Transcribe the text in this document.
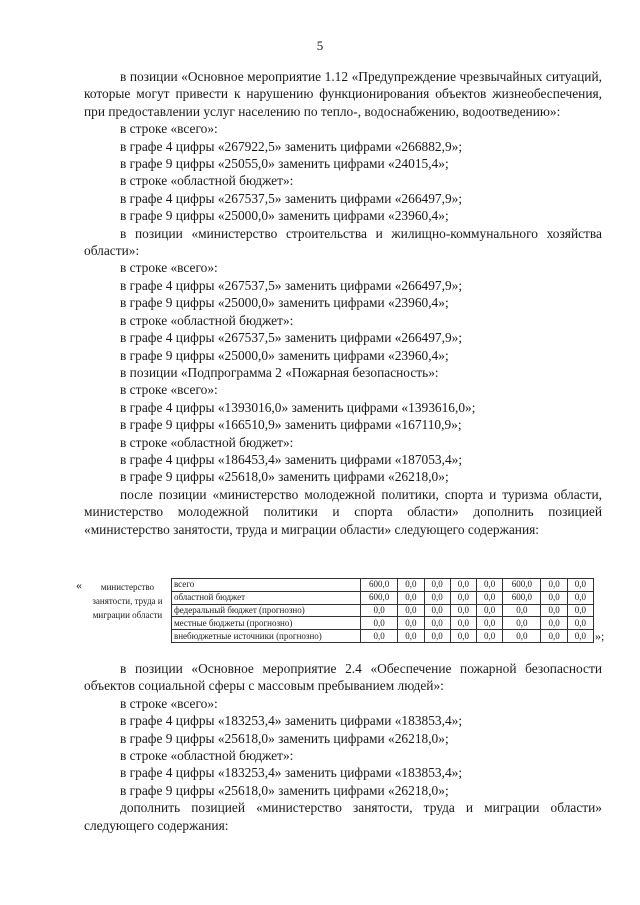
5

в позиции «Основное мероприятие 1.12 «Предупреждение чрезвычайных ситуаций, которые могут привести к нарушению функционирования объектов жизнеобеспечения, при предоставлении услуг населению по тепло-, водоснабжению, водоотведению»:

в строке «всего»:

в графе 4 цифры «267922,5» заменить цифрами «266882,9»;

в графе 9 цифры «25055,0» заменить цифрами «24015,4»;

в строке «областной бюджет»:

в графе 4 цифры «267537,5» заменить цифрами «266497,9»;

в графе 9 цифры «25000,0» заменить цифрами «23960,4»;

в позиции «министерство строительства и жилищно-коммунального хозяйства области»:

в строке «всего»:

в графе 4 цифры «267537,5» заменить цифрами «266497,9»;

в графе 9 цифры «25000,0» заменить цифрами «23960,4»;

в строке «областной бюджет»:

в графе 4 цифры «267537,5» заменить цифрами «266497,9»;

в графе 9 цифры «25000,0» заменить цифрами «23960,4»;

в позиции «Подпрограмма 2 «Пожарная безопасность»:

в строке «всего»:

в графе 4 цифры «1393016,0» заменить цифрами «1393616,0»;

в графе 9 цифры «166510,9» заменить цифрами «167110,9»;

в строке «областной бюджет»:

в графе 4 цифры «186453,4» заменить цифрами «187053,4»;

в графе 9 цифры «25618,0» заменить цифрами «26218,0»;

после позиции «министерство молодежной политики, спорта и туризма области, министерство молодежной политики и спорта области» дополнить позицией «министерство занятости, труда и миграции области» следующего содержания:

« министерство занятости, труда и миграции области	всего	600,0	0,0	0,0	0,0	0,0	600,0	0,0	0,0
	областной бюджет	600,0	0,0	0,0	0,0	0,0	600,0	0,0	0,0
	федеральный бюджет (прогнозно)	0,0	0,0	0,0	0,0	0,0	0,0	0,0	0,0
	местные бюджеты (прогнозно)	0,0	0,0	0,0	0,0	0,0	0,0	0,0	0,0
	внебюджетные источники (прогнозно)	0,0	0,0	0,0	0,0	0,0	0,0	0,0	0,0 »;

в позиции «Основное мероприятие 2.4 «Обеспечение пожарной безопасности объектов социальной сферы с массовым пребыванием людей»:

в строке «всего»:

в графе 4 цифры «183253,4» заменить цифрами «183853,4»;

в графе 9 цифры «25618,0» заменить цифрами «26218,0»;

в строке «областной бюджет»:

в графе 4 цифры «183253,4» заменить цифрами «183853,4»;

в графе 9 цифры «25618,0» заменить цифрами «26218,0»;

дополнить позицией «министерство занятости, труда и миграции области» следующего содержания:
